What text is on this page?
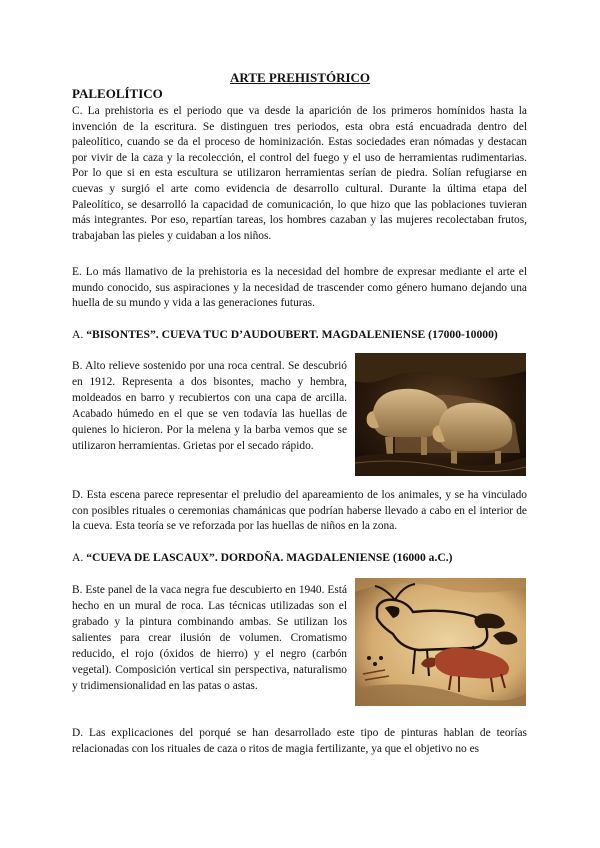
ARTE PREHISTÓRICO
PALEOLÍTICO

C. La prehistoria es el periodo que va desde la aparición de los primeros homínidos hasta la invención de la escritura. Se distinguen tres periodos, esta obra está encuadrada dentro del paleolítico, cuando se da el proceso de hominización. Estas sociedades eran nómadas y destacan por vivir de la caza y la recolección, el control del fuego y el uso de herramientas rudimentarias. Por lo que si en esta escultura se utilizaron herramientas serían de piedra. Solían refugiarse en cuevas y surgió el arte como evidencia de desarrollo cultural. Durante la última etapa del Paleolítico, se desarrolló la capacidad de comunicación, lo que hizo que las poblaciones tuvieran más integrantes. Por eso, repartían tareas, los hombres cazaban y las mujeres recolectaban frutos, trabajaban las pieles y cuidaban a los niños.

E. Lo más llamativo de la prehistoria es la necesidad del hombre de expresar mediante el arte el mundo conocido, sus aspiraciones y la necesidad de trascender como género humano dejando una huella de su mundo y vida a las generaciones futuras.

A. “BISONTES”. CUEVA TUC D’AUDOUBERT. MAGDALENIENSE (17000-10000)

B. Alto relieve sostenido por una roca central. Se descubrió en 1912. Representa a dos bisontes, macho y hembra, moldeados en barro y recubiertos con una capa de arcilla. Acabado húmedo en el que se ven todavía las huellas de quienes lo hicieron. Por la melena y la barba vemos que se utilizaron herramientas. Grietas por el secado rápido.

D. Esta escena parece representar el preludio del apareamiento de los animales, y se ha vinculado con posibles rituales o ceremonias chamánicas que podrían haberse llevado a cabo en el interior de la cueva. Esta teoría se ve reforzada por las huellas de niños en la zona.

A. “CUEVA DE LASCAUX”. DORDOÑA. MAGDALENIENSE (16000 a.C.)

B. Este panel de la vaca negra fue descubierto en 1940. Está hecho en un mural de roca. Las técnicas utilizadas son el grabado y la pintura combinando ambas. Se utilizan los salientes para crear ilusión de volumen. Cromatismo reducido, el rojo (óxidos de hierro) y el negro (carbón vegetal). Composición vertical sin perspectiva, naturalismo y tridimensionalidad en las patas o astas.

D. Las explicaciones del porqué se han desarrollado este tipo de pinturas hablan de teorías relacionadas con los rituales de caza o ritos de magia fertilizante, ya que el objetivo no es
